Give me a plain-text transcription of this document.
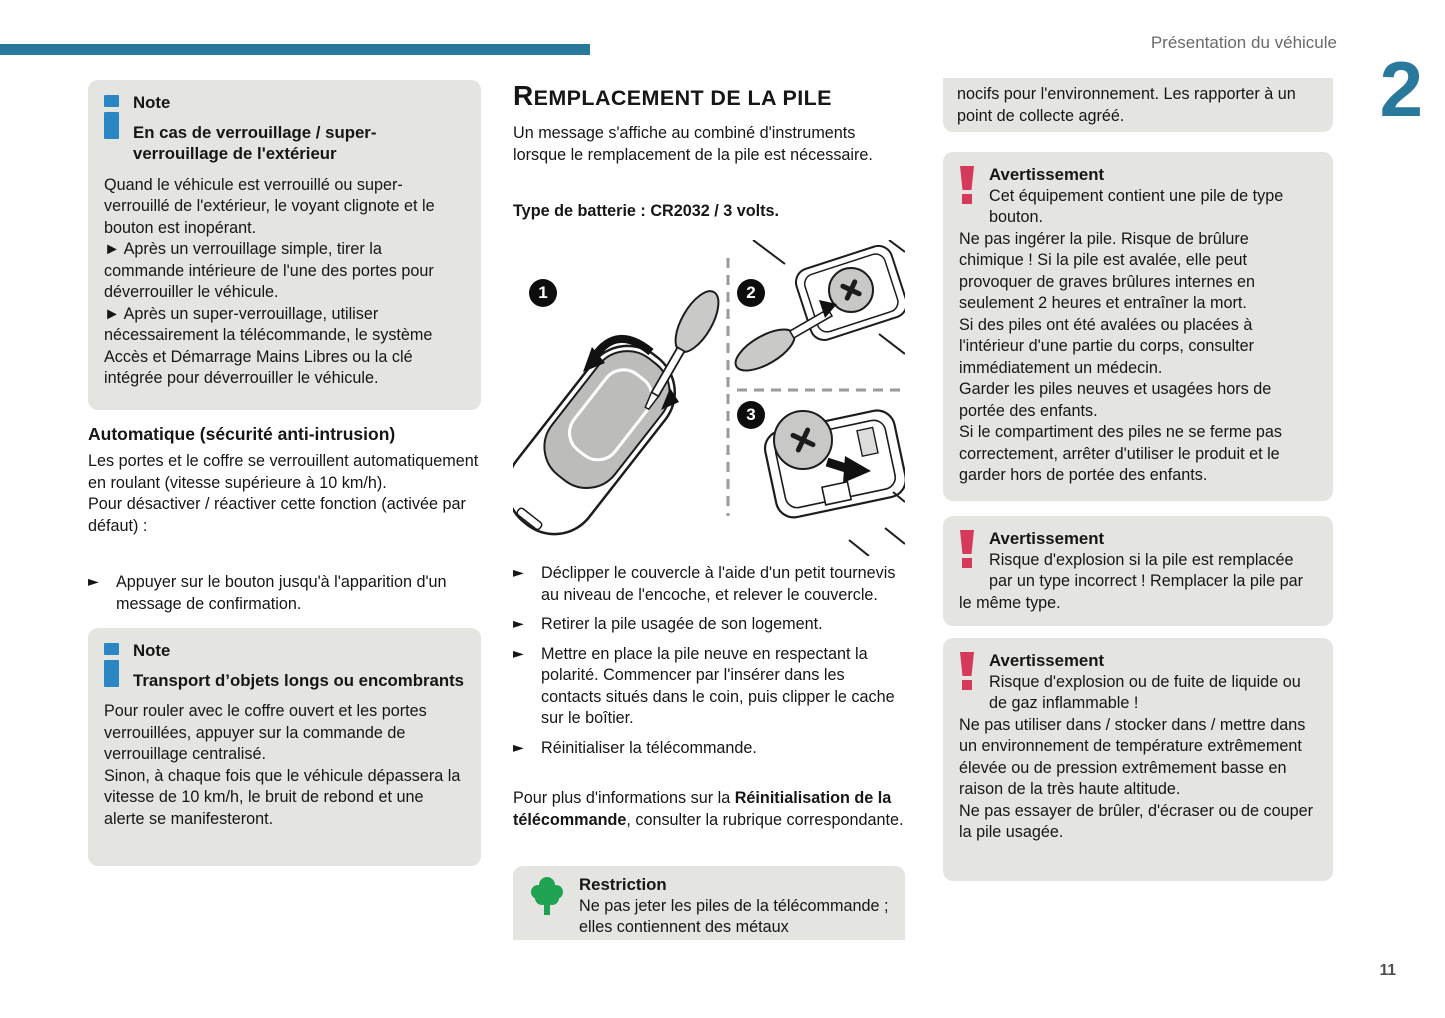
Présentation du véhicule
2
Note
En cas de verrouillage / super-verrouillage de l'extérieur

Quand le véhicule est verrouillé ou super-verrouillé de l'extérieur, le voyant clignote et le bouton est inopérant.

► Après un verrouillage simple, tirer la commande intérieure de l'une des portes pour déverrouiller le véhicule.

► Après un super-verrouillage, utiliser nécessairement la télécommande, le système Accès et Démarrage Mains Libres ou la clé intégrée pour déverrouiller le véhicule.

Automatique (sécurité anti-intrusion)

Les portes et le coffre se verrouillent automatiquement en roulant (vitesse supérieure à 10 km/h).

Pour désactiver / réactiver cette fonction (activée par défaut) :

► Appuyer sur le bouton jusqu'à l'apparition d'un message de confirmation.
Note
Transport d’objets longs ou encombrants

Pour rouler avec le coffre ouvert et les portes verrouillées, appuyer sur la commande de verrouillage centralisé.

Sinon, à chaque fois que le véhicule dépassera la vitesse de 10 km/h, le bruit de rebond et une alerte se manifesteront.

REMPLACEMENT DE LA PILE

Un message s'affiche au combiné d'instruments lorsque le remplacement de la pile est nécessaire.

Type de batterie : CR2032 / 3 volts.

1	2
3
► Déclipper le couvercle à l'aide d'un petit tournevis au niveau de l'encoche, et relever le couvercle.
► Retirer la pile usagée de son logement.
► Mettre en place la pile neuve en respectant la polarité. Commencer par l'insérer dans les contacts situés dans le coin, puis clipper le cache sur le boîtier.
► Réinitialiser la télécommande.

Pour plus d'informations sur la Réinitialisation de la télécommande, consulter la rubrique correspondante.

Restriction

Ne pas jeter les piles de la télécommande ; elles contiennent des métaux

nocifs pour l'environnement. Les rapporter à un point de collecte agréé.

Avertissement

Cet équipement contient une pile de type bouton.

Ne pas ingérer la pile. Risque de brûlure chimique ! Si la pile est avalée, elle peut provoquer de graves brûlures internes en seulement 2 heures et entraîner la mort.

Si des piles ont été avalées ou placées à l'intérieur d'une partie du corps, consulter immédiatement un médecin.

Garder les piles neuves et usagées hors de portée des enfants.

Si le compartiment des piles ne se ferme pas correctement, arrêter d'utiliser le produit et le garder hors de portée des enfants.

Avertissement

Risque d'explosion si la pile est remplacée par un type incorrect ! Remplacer la pile par le même type.

Avertissement

Risque d'explosion ou de fuite de liquide ou de gaz inflammable !

Ne pas utiliser dans / stocker dans / mettre dans un environnement de température extrêmement élevée ou de pression extrêmement basse en raison de la très haute altitude.

Ne pas essayer de brûler, d'écraser ou de couper la pile usagée.

11
